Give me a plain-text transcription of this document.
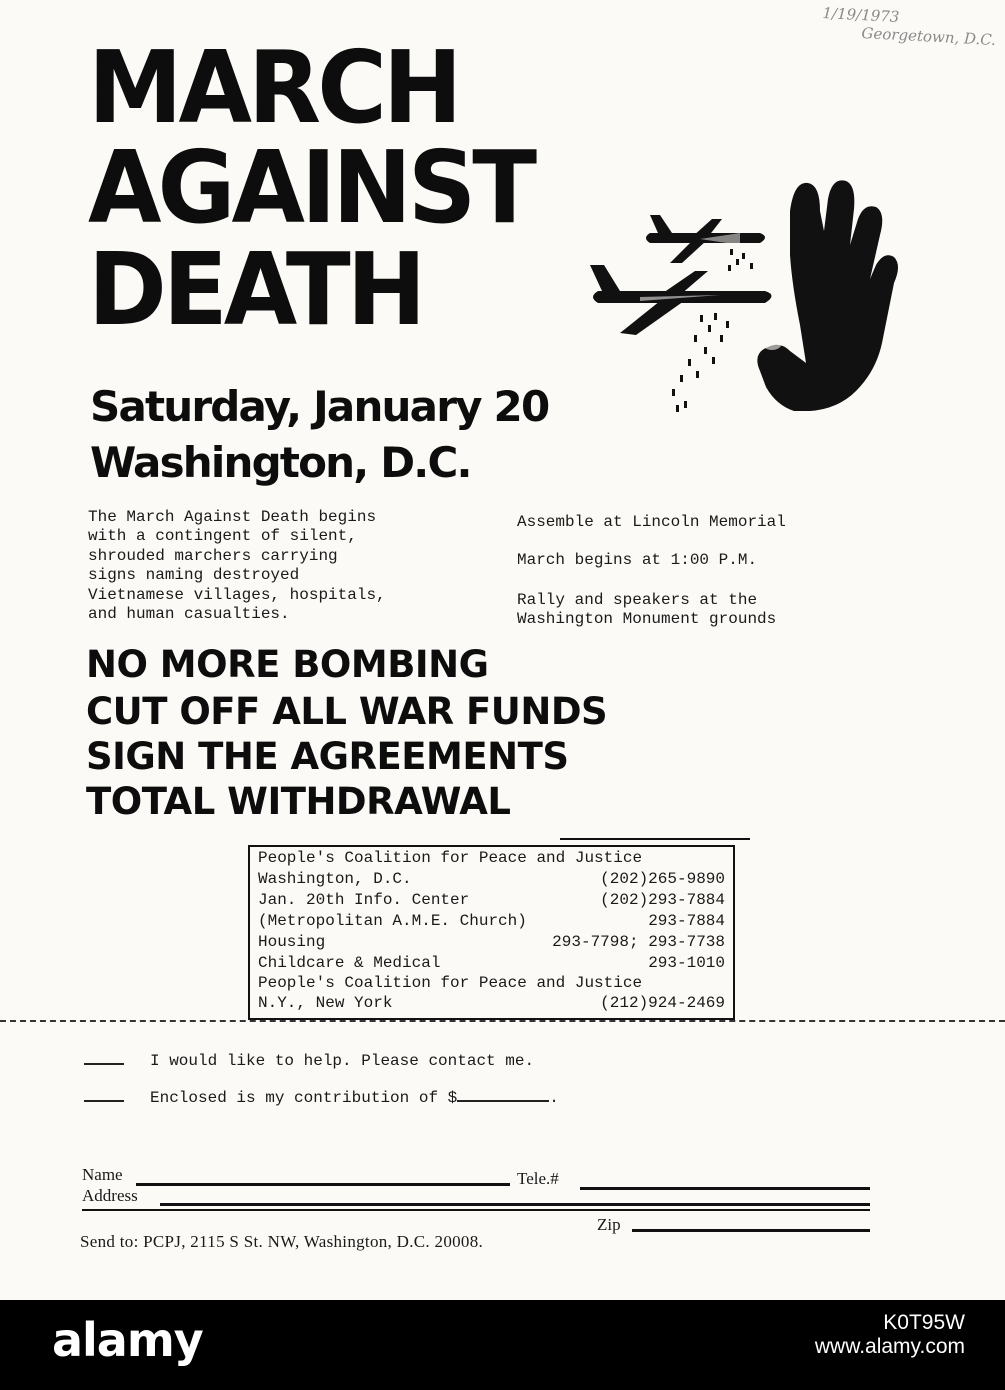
1/19/1973
Georgetown, D.C.
MARCH
AGAINST
DEATH
Saturday, January 20
Washington, D.C.
The March Against Death begins
with a contingent of silent,
shrouded marchers carrying
signs naming destroyed
Vietnamese villages, hospitals,
and human casualties.
Assemble at Lincoln Memorial
March begins at 1:00 P.M.
Rally and speakers at the
Washington Monument grounds
NO MORE BOMBING
CUT OFF ALL WAR FUNDS
SIGN THE AGREEMENTS
TOTAL WITHDRAWAL
People's Coalition for Peace and Justice
Washington, D.C.	(202)265-9890
Jan. 20th Info. Center	(202)293-7884
(Metropolitan A.M.E. Church)	293-7884
Housing	293-7798; 293-7738
Childcare & Medical	293-1010
People's Coalition for Peace and Justice
N.Y., New York	(212)924-2469
I would like to help. Please contact me.
Enclosed is my contribution of $	.
Name	Tele.#
Address
Zip
Send to: PCPJ, 2115 S St. NW, Washington, D.C. 20008.
alamy	K0T95W
www.alamy.com
